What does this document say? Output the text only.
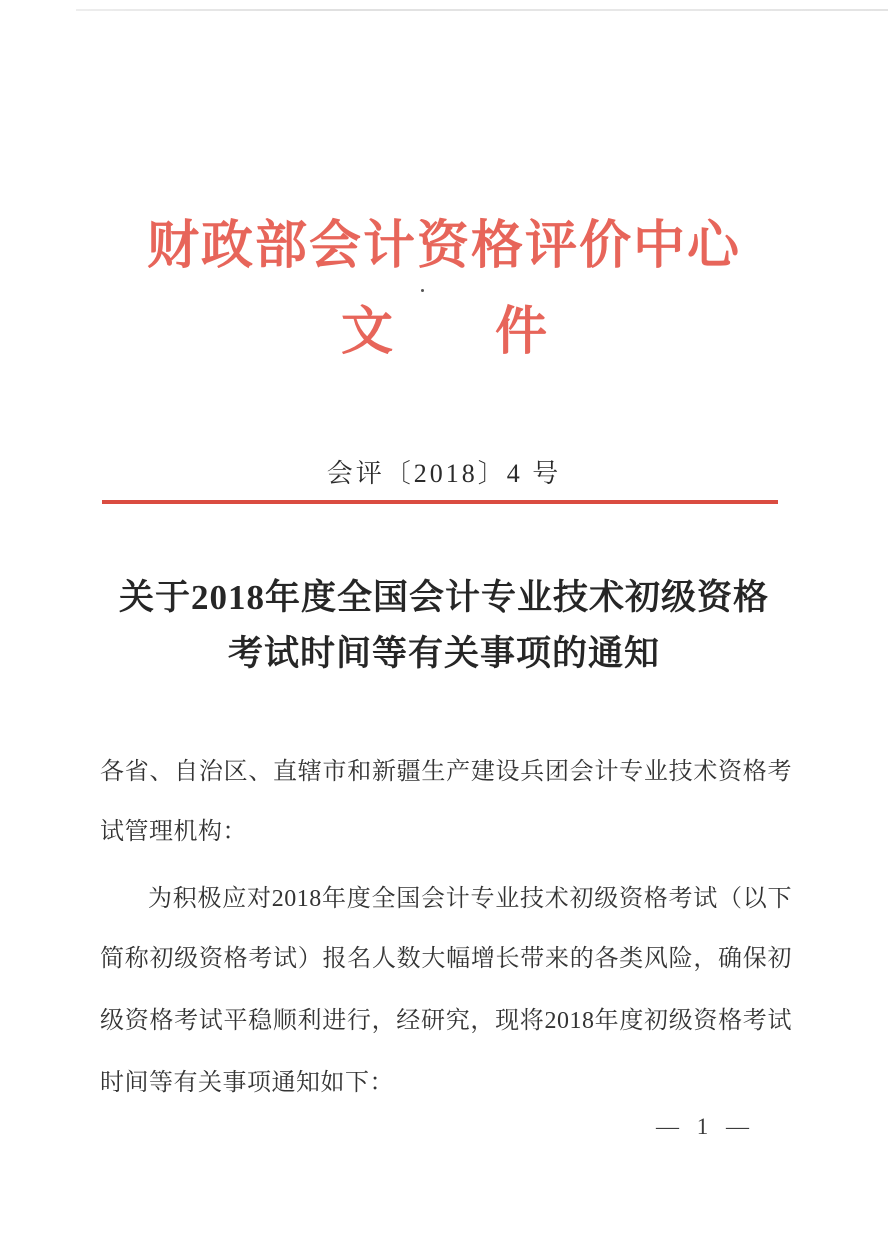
财政部会计资格评价中心
文 件
会评〔2018〕4 号
关于2018年度全国会计专业技术初级资格
考试时间等有关事项的通知
各省、自治区、直辖市和新疆生产建设兵团会计专业技术资格考
试管理机构：
为积极应对2018年度全国会计专业技术初级资格考试（以下
简称初级资格考试）报名人数大幅增长带来的各类风险，确保初
级资格考试平稳顺利进行，经研究，现将2018年度初级资格考试
时间等有关事项通知如下：
— 1 —
